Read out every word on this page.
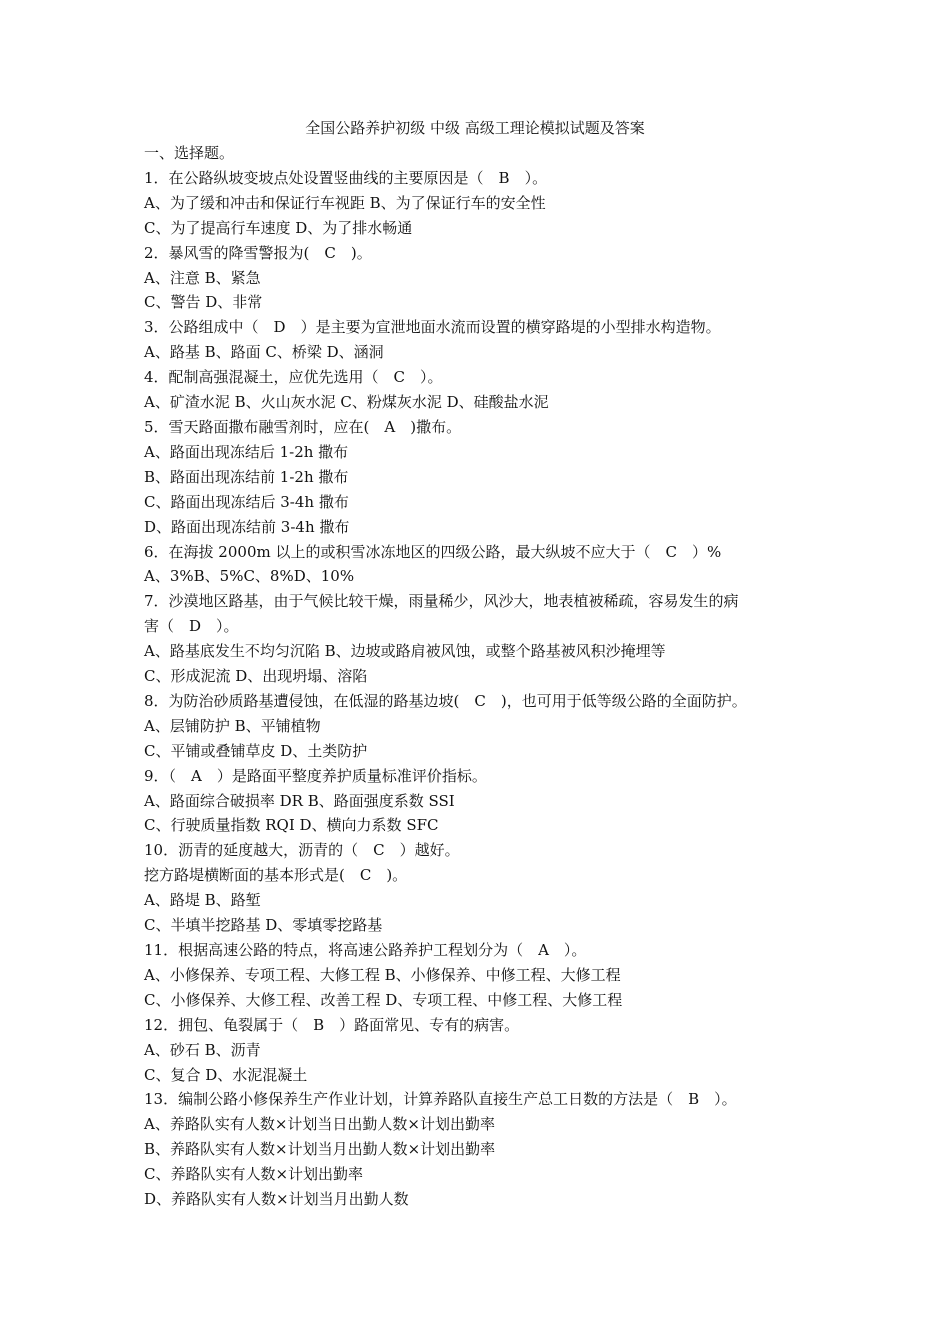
全国公路养护初级 中级 高级工理论模拟试题及答案
一、选择题。
1．在公路纵坡变坡点处设置竖曲线的主要原因是（　B　）。
A、为了缓和冲击和保证行车视距 B、为了保证行车的安全性
C、为了提高行车速度 D、为了排水畅通
2．暴风雪的降雪警报为(　C　)。
A、注意 B、紧急
C、警告 D、非常
3．公路组成中（　D　）是主要为宣泄地面水流而设置的横穿路堤的小型排水构造物。
A、路基 B、路面 C、桥梁 D、涵洞
4．配制高强混凝土，应优先选用（　C　）。
A、矿渣水泥 B、火山灰水泥 C、粉煤灰水泥 D、硅酸盐水泥
5．雪天路面撒布融雪剂时，应在(　A　)撒布。
A、路面出现冻结后 1-2h 撒布
B、路面出现冻结前 1-2h 撒布
C、路面出现冻结后 3-4h 撒布
D、路面出现冻结前 3-4h 撒布
6．在海拔 2000m 以上的或积雪冰冻地区的四级公路，最大纵坡不应大于（　C　）%
A、3%B、5%C、8%D、10%
7．沙漠地区路基，由于气候比较干燥，雨量稀少，风沙大，地表植被稀疏，容易发生的病
害（　D　）。
A、路基底发生不均匀沉陷 B、边坡或路肩被风蚀，或整个路基被风积沙掩埋等
C、形成泥流 D、出现坍塌、溶陷
8．为防治砂质路基遭侵蚀，在低湿的路基边坡(　C　)，也可用于低等级公路的全面防护。
A、层铺防护 B、平铺植物
C、平铺或叠铺草皮 D、土类防护
9．（　A　）是路面平整度养护质量标准评价指标。
A、路面综合破损率 DR B、路面强度系数 SSI
C、行驶质量指数 RQI D、横向力系数 SFC
10．沥青的延度越大，沥青的（　C　）越好。
挖方路堤横断面的基本形式是(　C　)。
A、路堤 B、路堑
C、半填半挖路基 D、零填零挖路基
11．根据高速公路的特点，将高速公路养护工程划分为（　A　）。
A、小修保养、专项工程、大修工程 B、小修保养、中修工程、大修工程
C、小修保养、大修工程、改善工程 D、专项工程、中修工程、大修工程
12．拥包、龟裂属于（　B　）路面常见、专有的病害。
A、砂石 B、沥青
C、复合 D、水泥混凝土
13．编制公路小修保养生产作业计划，计算养路队直接生产总工日数的方法是（　B　）。
A、养路队实有人数×计划当日出勤人数×计划出勤率
B、养路队实有人数×计划当月出勤人数×计划出勤率
C、养路队实有人数×计划出勤率
D、养路队实有人数×计划当月出勤人数
